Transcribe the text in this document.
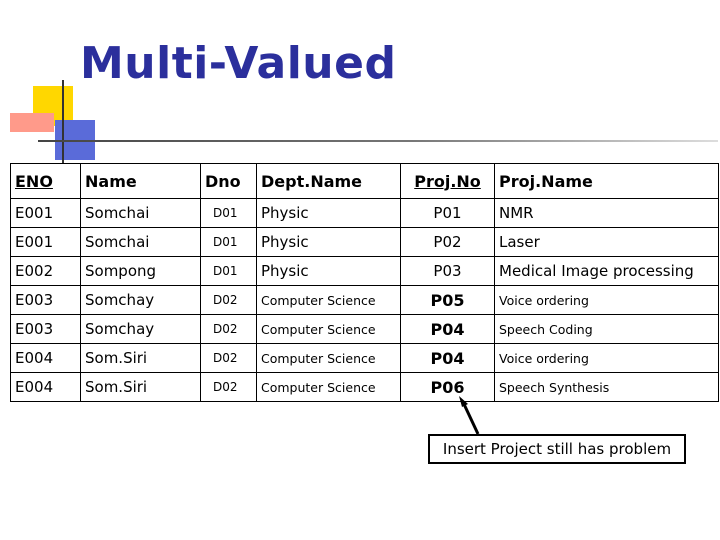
Multi-Valued
ENO	Name	Dno	Dept.Name	Proj.No	Proj.Name
E001	Somchai	D01	Physic	P01	NMR
E001	Somchai	D01	Physic	P02	Laser
E002	Sompong	D01	Physic	P03	Medical Image processing
E003	Somchay	D02	Computer Science	P05	Voice ordering
E003	Somchay	D02	Computer Science	P04	Speech Coding
E004	Som.Siri	D02	Computer Science	P04	Voice ordering
E004	Som.Siri	D02	Computer Science	P06	Speech Synthesis
Insert Project still has problem
